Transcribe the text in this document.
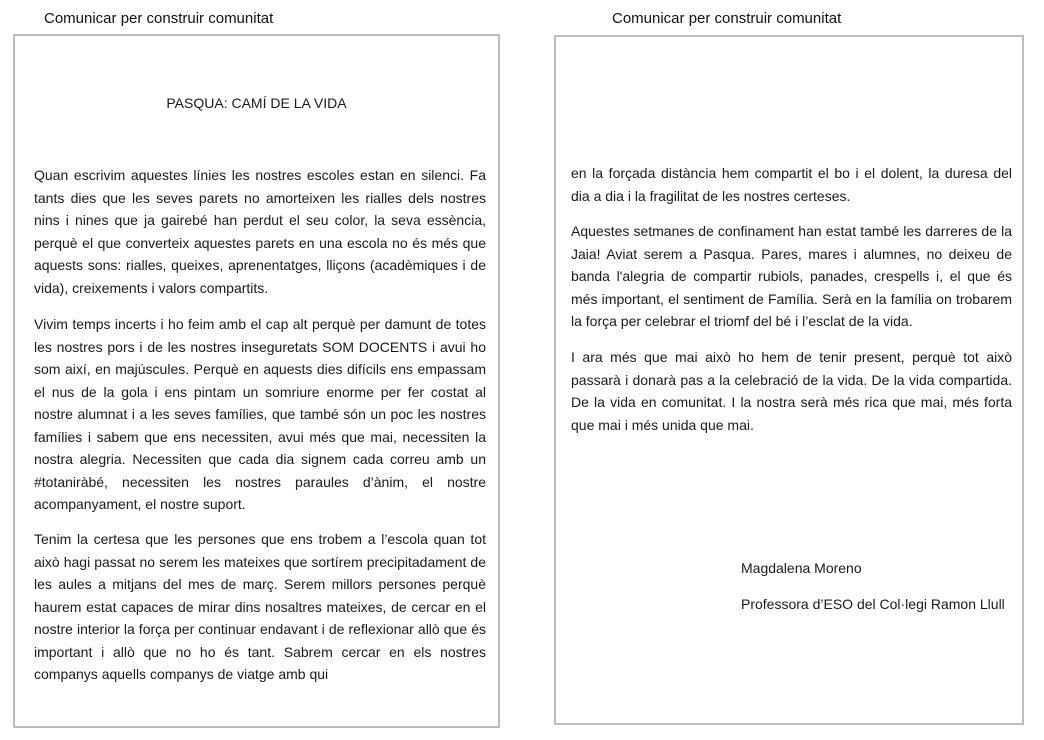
Comunicar per construir comunitat	Comunicar per construir comunitat
PASQUA: CAMÍ DE LA VIDA
Quan escrivim aquestes línies les nostres escoles estan en silenci. Fa tants dies que les seves parets no amorteixen les rialles dels nostres nins i nines que ja gairebé han perdut el seu color, la seva essència, perquè el que converteix aquestes parets en una escola no és més que aquests sons: rialles, queixes, aprenentatges, lliçons (acadèmiques i de vida), creixements i valors compartits.
Vivim temps incerts i ho feim amb el cap alt perquè per damunt de totes les nostres pors i de les nostres inseguretats SOM DOCENTS i avui ho som així, en majúscules. Perquè en aquests dies difícils ens empassam el nus de la gola i ens pintam un somriure enorme per fer costat al nostre alumnat i a les seves famílies, que també són un poc les nostres famílies i sabem que ens necessiten, avui més que mai, necessiten la nostra alegria. Necessiten que cada dia signem cada correu amb un #totaniràbé, necessiten les nostres paraules d’ànim, el nostre acompanyament, el nostre suport.
Tenim la certesa que les persones que ens trobem a l’escola quan tot això hagi passat no serem les mateixes que sortírem precipitadament de les aules a mitjans del mes de març. Serem millors persones perquè haurem estat capaces de mirar dins nosaltres mateixes, de cercar en el nostre interior la força per continuar endavant i de reflexionar allò que és important i allò que no ho és tant. Sabrem cercar en els nostres companys aquells companys de viatge amb qui
en la forçada distància hem compartit el bo i el dolent, la duresa del dia a dia i la fragilitat de les nostres certeses.
Aquestes setmanes de confinament han estat també les darreres de la Jaia! Aviat serem a Pasqua. Pares, mares i alumnes, no deixeu de banda l'alegria de compartir rubiols, panades, crespells i, el que és més important, el sentiment de Família. Serà en la família on trobarem la força per celebrar el triomf del bé i l’esclat de la vida.
I ara més que mai això ho hem de tenir present, perquè tot això passarà i donarà pas a la celebració de la vida. De la vida compartida. De la vida en comunitat. I la nostra serà més rica que mai, més forta que mai i més unida que mai.
Magdalena Moreno
Professora d’ESO del Col·legi Ramon Llull
